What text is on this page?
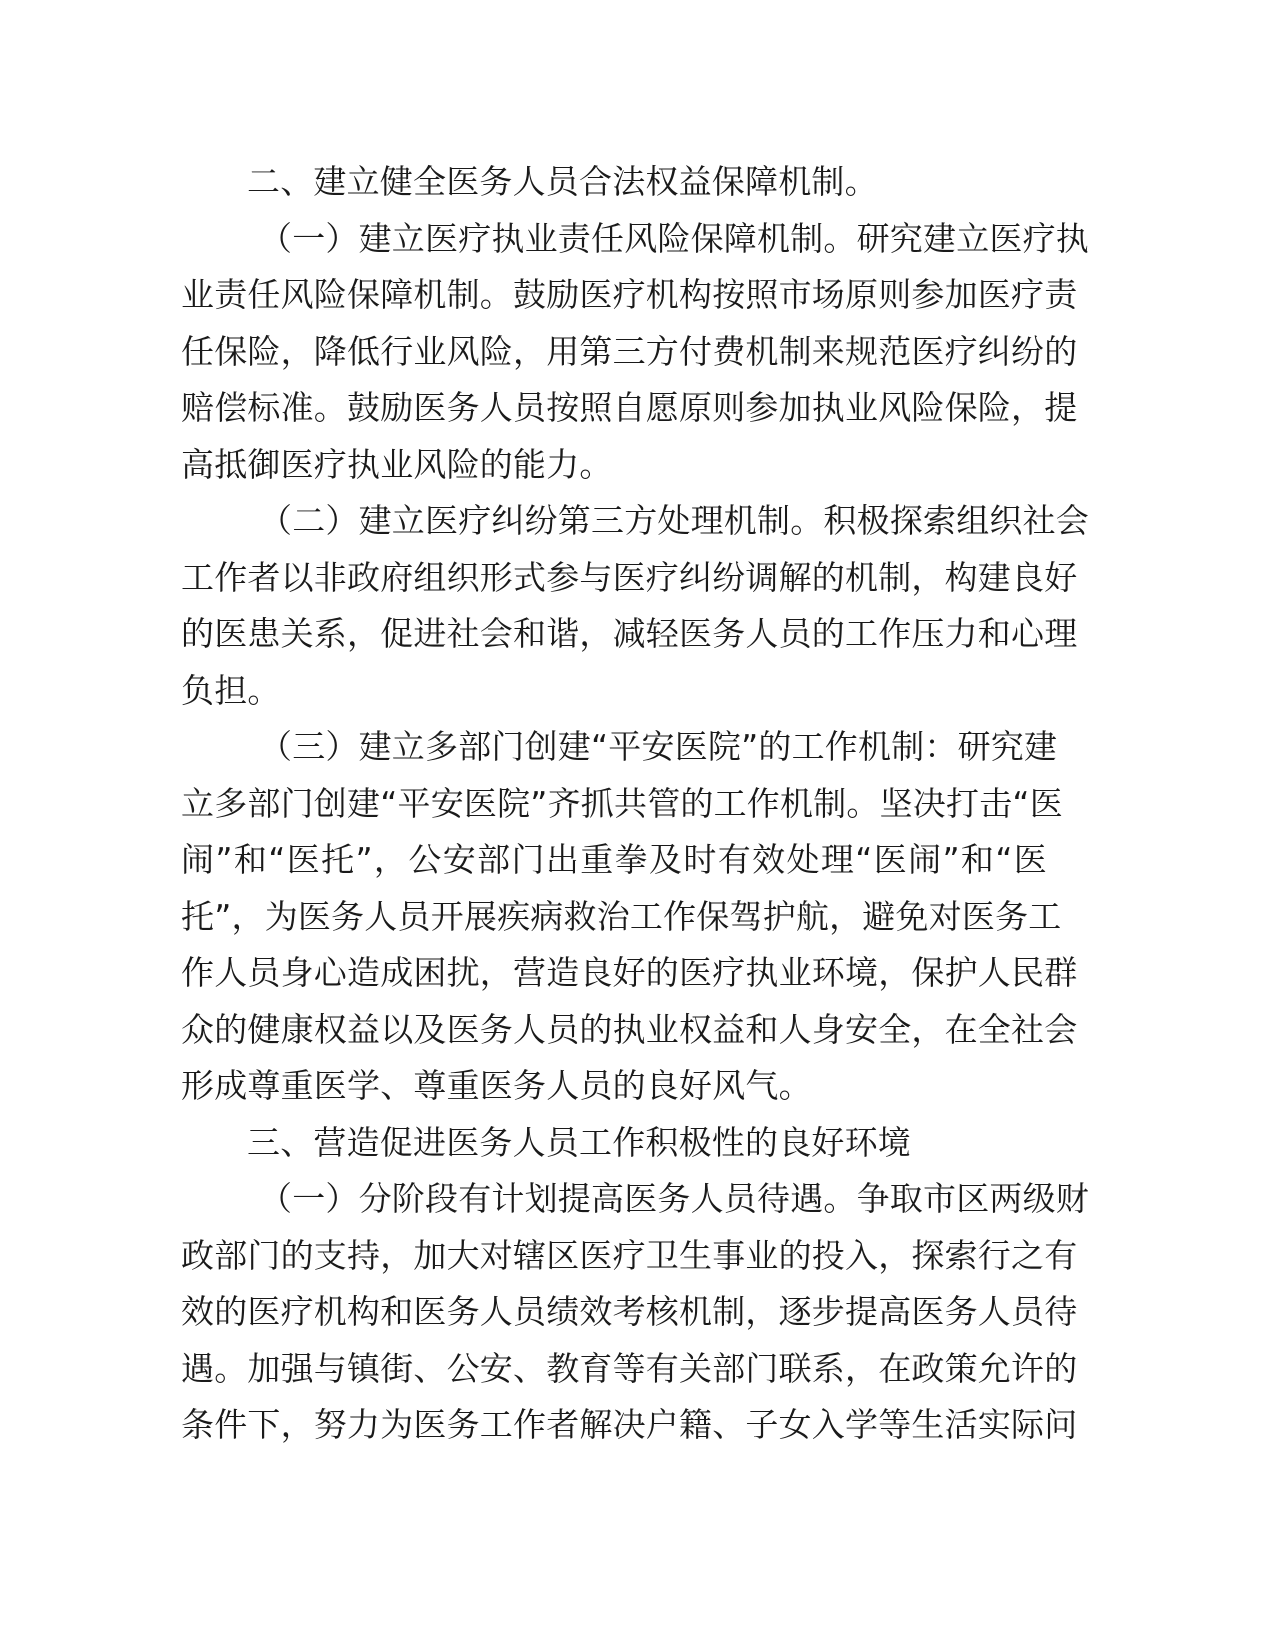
二、建立健全医务人员合法权益保障机制。
（一）建立医疗执业责任风险保障机制。研究建立医疗执
业责任风险保障机制。鼓励医疗机构按照市场原则参加医疗责
任保险，降低行业风险，用第三方付费机制来规范医疗纠纷的
赔偿标准。鼓励医务人员按照自愿原则参加执业风险保险，提
高抵御医疗执业风险的能力。
（二）建立医疗纠纷第三方处理机制。积极探索组织社会
工作者以非政府组织形式参与医疗纠纷调解的机制，构建良好
的医患关系，促进社会和谐，减轻医务人员的工作压力和心理
负担。
（三）建立多部门创建“平安医院”的工作机制：研究建
立多部门创建“平安医院”齐抓共管的工作机制。坚决打击“医
闹”和“医托”，公安部门出重拳及时有效处理“医闹”和“医
托”，为医务人员开展疾病救治工作保驾护航，避免对医务工
作人员身心造成困扰，营造良好的医疗执业环境，保护人民群
众的健康权益以及医务人员的执业权益和人身安全，在全社会
形成尊重医学、尊重医务人员的良好风气。
三、营造促进医务人员工作积极性的良好环境
（一）分阶段有计划提高医务人员待遇。争取市区两级财
政部门的支持，加大对辖区医疗卫生事业的投入，探索行之有
效的医疗机构和医务人员绩效考核机制，逐步提高医务人员待
遇。加强与镇街、公安、教育等有关部门联系，在政策允许的
条件下，努力为医务工作者解决户籍、子女入学等生活实际问
